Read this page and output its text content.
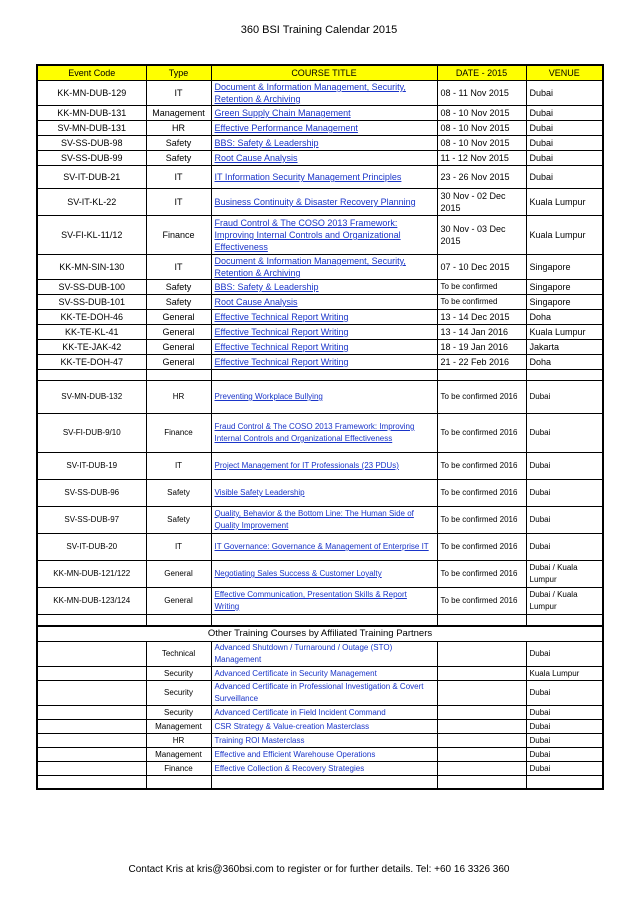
360 BSI Training Calendar 2015
Event Code	Type	COURSE TITLE	DATE - 2015	VENUE
KK-MN-DUB-129	IT	Document & Information Management, Security, Retention & Archiving	08 - 11 Nov 2015	Dubai
KK-MN-DUB-131	Management	Green Supply Chain Management	08 - 10 Nov 2015	Dubai
SV-MN-DUB-131	HR	Effective Performance Management	08 - 10 Nov 2015	Dubai
SV-SS-DUB-98	Safety	BBS: Safety & Leadership	08 - 10 Nov 2015	Dubai
SV-SS-DUB-99	Safety	Root Cause Analysis	11 - 12 Nov 2015	Dubai
SV-IT-DUB-21	IT	IT Information Security Management Principles	23 - 26 Nov 2015	Dubai
SV-IT-KL-22	IT	Business Continuity & Disaster Recovery Planning	30 Nov - 02 Dec 2015	Kuala Lumpur
SV-FI-KL-11/12	Finance	Fraud Control & The COSO 2013 Framework: Improving Internal Controls and Organizational Effectiveness	30 Nov - 03 Dec 2015	Kuala Lumpur
KK-MN-SIN-130	IT	Document & Information Management, Security, Retention & Archiving	07 - 10 Dec 2015	Singapore
SV-SS-DUB-100	Safety	BBS: Safety & Leadership	To be confirmed	Singapore
SV-SS-DUB-101	Safety	Root Cause Analysis	To be confirmed	Singapore
KK-TE-DOH-46	General	Effective Technical Report Writing	13 - 14 Dec 2015	Doha
KK-TE-KL-41	General	Effective Technical Report Writing	13 - 14 Jan 2016	Kuala Lumpur
KK-TE-JAK-42	General	Effective Technical Report Writing	18 - 19 Jan 2016	Jakarta
KK-TE-DOH-47	General	Effective Technical Report Writing	21 - 22 Feb 2016	Doha

SV-MN-DUB-132	HR	Preventing Workplace Bullying	To be confirmed 2016	Dubai
SV-FI-DUB-9/10	Finance	Fraud Control & The COSO 2013 Framework: Improving Internal Controls and Organizational Effectiveness	To be confirmed 2016	Dubai
SV-IT-DUB-19	IT	Project Management for IT Professionals (23 PDUs)	To be confirmed 2016	Dubai
SV-SS-DUB-96	Safety	Visible Safety Leadership	To be confirmed 2016	Dubai
SV-SS-DUB-97	Safety	Quality, Behavior & the Bottom Line: The Human Side of Quality Improvement	To be confirmed 2016	Dubai
SV-IT-DUB-20	IT	IT Governance: Governance & Management of Enterprise IT	To be confirmed 2016	Dubai
KK-MN-DUB-121/122	General	Negotiating Sales Success & Customer Loyalty	To be confirmed 2016	Dubai / Kuala Lumpur
KK-MN-DUB-123/124	General	Effective Communication, Presentation Skills & Report Writing	To be confirmed 2016	Dubai / Kuala Lumpur

Other Training Courses by Affiliated Training Partners				
	Technical	Advanced Shutdown / Turnaround / Outage (STO) Management		Dubai
	Security	Advanced Certificate in Security Management		Kuala Lumpur
	Security	Advanced Certificate in Professional Investigation & Covert Surveillance		Dubai
	Security	Advanced Certificate in Field Incident Command		Dubai
	Management	CSR Strategy & Value-creation Masterclass		Dubai
	HR	Training ROI Masterclass		Dubai
	Management	Effective and Efficient Warehouse Operations		Dubai
	Finance	Effective Collection & Recovery Strategies		Dubai

Contact Kris at kris@360bsi.com to register or for further details. Tel: +60 16 3326 360
